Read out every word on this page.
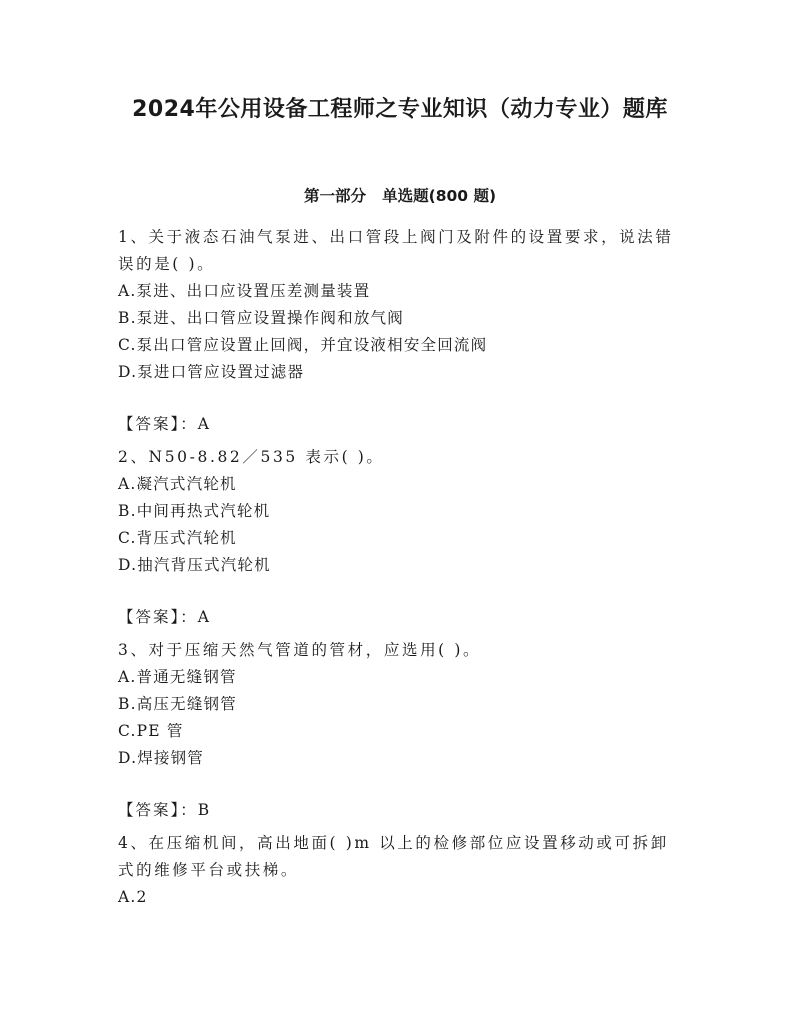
2024年公用设备工程师之专业知识（动力专业）题库
第一部分   单选题(800 题)
1、关于液态石油气泵进、出口管段上阀门及附件的设置要求，说法错
误的是( )。
A.泵进、出口应设置压差测量装置
B.泵进、出口管应设置操作阀和放气阀
C.泵出口管应设置止回阀，并宜设液相安全回流阀
D.泵进口管应设置过滤器
【答案】：A
2、N50-8.82／535 表示( )。
A.凝汽式汽轮机
B.中间再热式汽轮机
C.背压式汽轮机
D.抽汽背压式汽轮机
【答案】：A
3、对于压缩天然气管道的管材，应选用( )。
A.普通无缝钢管
B.高压无缝钢管
C.PE 管
D.焊接钢管
【答案】：B
4、在压缩机间，高出地面( )m 以上的检修部位应设置移动或可拆卸
式的维修平台或扶梯。
A.2
